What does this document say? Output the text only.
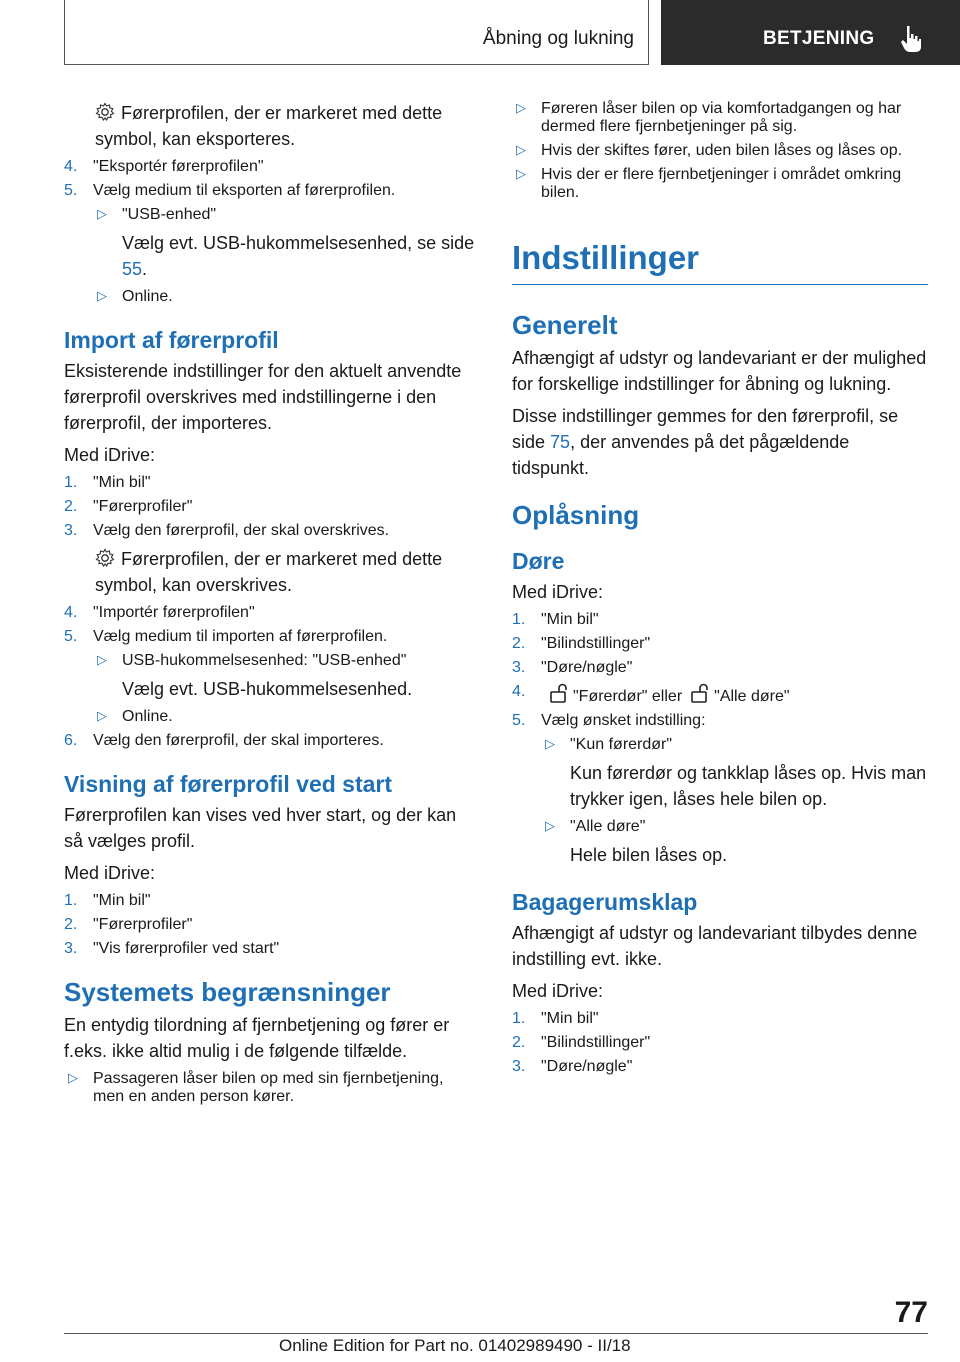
Åbning og lukning	BETJENING
Førerprofilen, der er markeret med dette symbol, kan eksporteres.
4. "Eksportér førerprofilen"
5. Vælg medium til eksporten af førerprofilen.
▷ "USB-enhed"
Vælg evt. USB-hukommelsesenhed, se side 55.
▷ Online.
Import af førerprofil

Eksisterende indstillinger for den aktuelt anvendte førerprofil overskrives med indstillingerne i den førerprofil, der importeres.

Med iDrive:

1. "Min bil"
2. "Førerprofiler"
3. Vælg den førerprofil, der skal overskrives.
Førerprofilen, der er markeret med dette symbol, kan overskrives.
4. "Importér førerprofilen"
5. Vælg medium til importen af førerprofilen.
▷ USB-hukommelsesenhed: "USB-enhed"
Vælg evt. USB-hukommelsesenhed.
▷ Online.
6. Vælg den førerprofil, der skal importeres.
Visning af førerprofil ved start

Førerprofilen kan vises ved hver start, og der kan så vælges profil.

Med iDrive:

1. "Min bil"
2. "Førerprofiler"
3. "Vis førerprofiler ved start"
Systemets begrænsninger

En entydig tilordning af fjernbetjening og fører er f.eks. ikke altid mulig i de følgende tilfælde.

▷ Passageren låser bilen op med sin fjernbetjening, men en anden person kører.
▷ Føreren låser bilen op via komfortadgangen og har dermed flere fjernbetjeninger på sig.
▷ Hvis der skiftes fører, uden bilen låses og låses op.
▷ Hvis der er flere fjernbetjeninger i området omkring bilen.
Indstillinger
Generelt

Afhængigt af udstyr og landevariant er der mulighed for forskellige indstillinger for åbning og lukning.

Disse indstillinger gemmes for den førerprofil, se side 75, der anvendes på det pågældende tidspunkt.

Oplåsning
Døre

Med iDrive:

1. "Min bil"
2. "Bilindstillinger"
3. "Døre/nøgle"
4.	"Førerdør" eller "Alle døre"
5. Vælg ønsket indstilling:
▷ "Kun førerdør"
Kun førerdør og tankklap låses op. Hvis man trykker igen, låses hele bilen op.
▷ "Alle døre"
Hele bilen låses op.
Bagagerumsklap

Afhængigt af udstyr og landevariant tilbydes denne indstilling evt. ikke.

Med iDrive:

1. "Min bil"
2. "Bilindstillinger"
3. "Døre/nøgle"
77
Online Edition for Part no. 01402989490 - II/18
